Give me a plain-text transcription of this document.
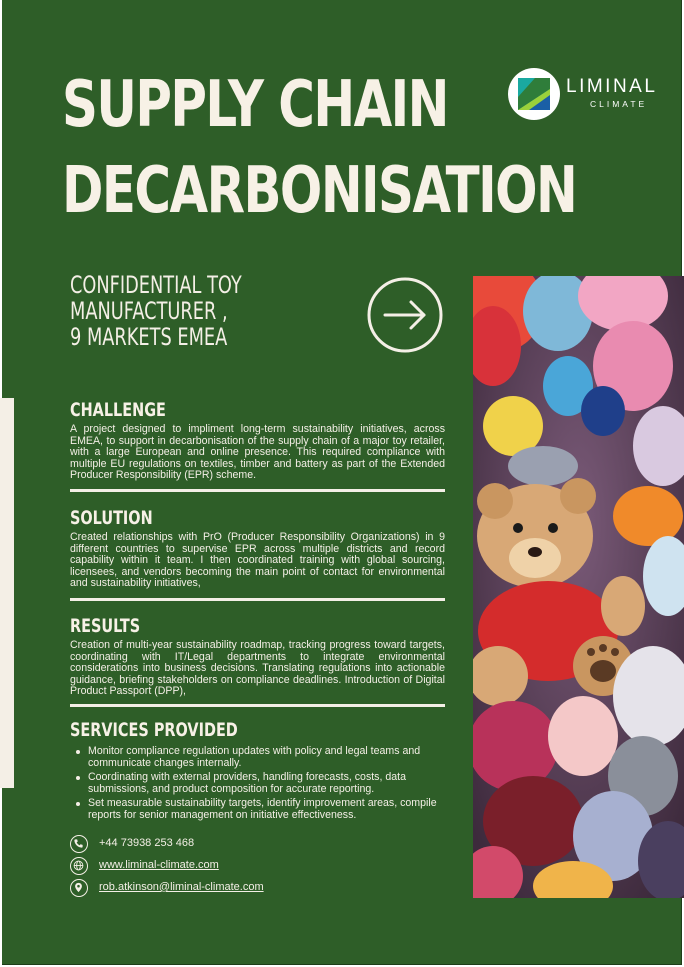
SUPPLY CHAIN
DECARBONISATION
LIMINAL
CLIMATE
CONFIDENTIAL TOY
MANUFACTURER ,
9 MARKETS EMEA
CHALLENGE

A project designed to impliment long-term sustainability initiatives, across EMEA, to support in decarbonisation of the supply chain of a major toy retailer, with a large European and online presence. This required compliance with multiple EU regulations on textiles, timber and battery as part of the Extended Producer Responsibility (EPR) scheme.

SOLUTION

Created relationships with PrO (Producer Responsibility Organizations) in 9 different countries to supervise EPR across multiple districts and record capability within it team. I then coordinated training with global sourcing, licensees, and vendors becoming the main point of contact for environmental and sustainability initiatives,

RESULTS

Creation of multi-year sustainability roadmap, tracking progress toward targets, coordinating with IT/Legal departments to integrate environmental considerations into business decisions. Translating regulations into actionable guidance, briefing stakeholders on compliance deadlines. Introduction of Digital Product Passport (DPP),

SERVICES PROVIDED
Monitor compliance regulation updates with policy and legal teams and communicate changes internally.
Coordinating with external providers, handling forecasts, costs, data submissions, and product composition for accurate reporting.
Set measurable sustainability targets, identify improvement areas, compile reports for senior management on initiative effectiveness.
+44 73938 253 468
www.liminal-climate.com
rob.atkinson@liminal-climate.com
